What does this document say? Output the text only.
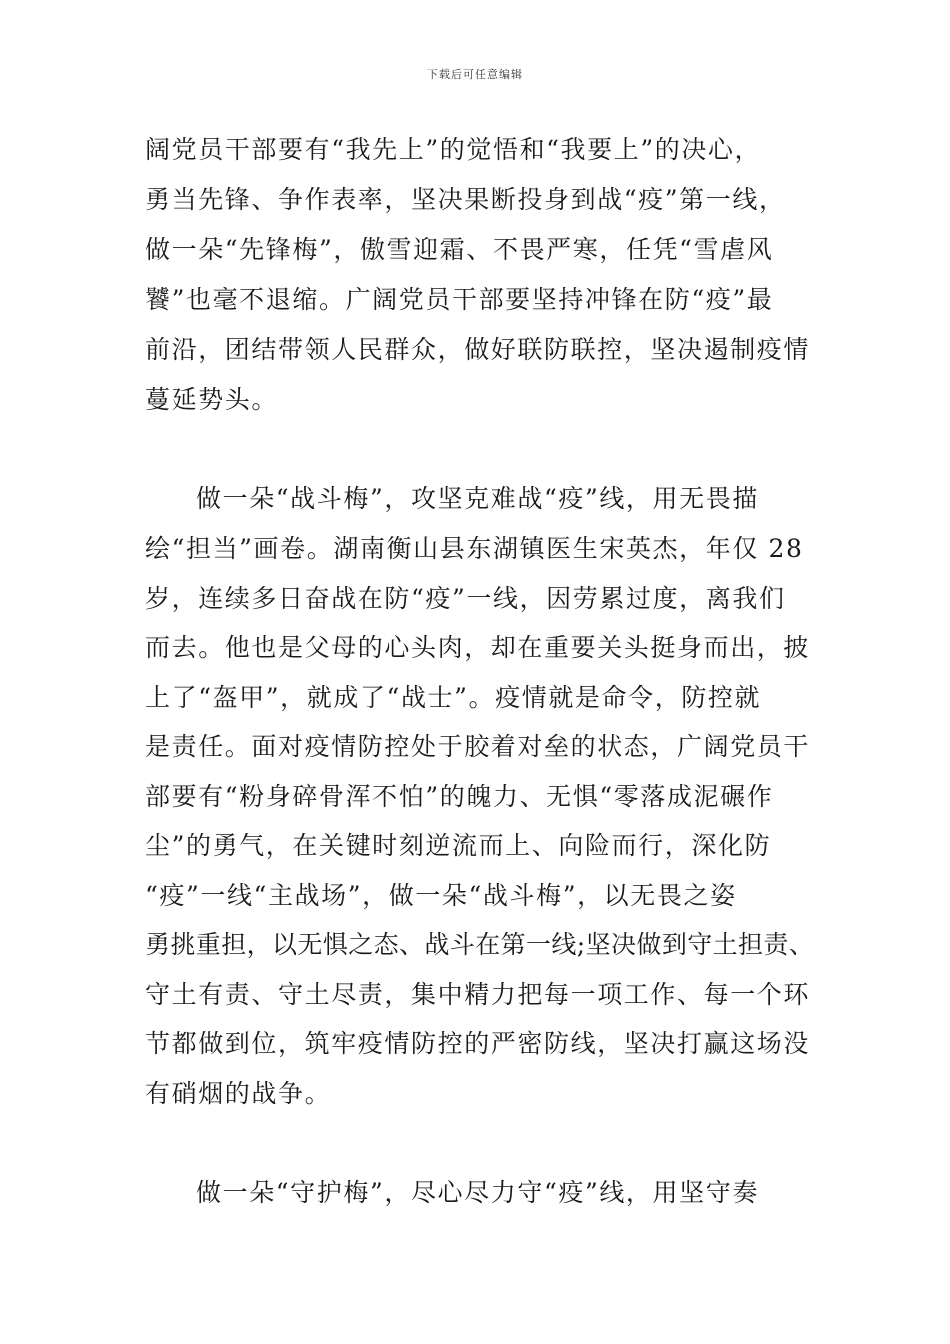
下载后可任意编辑
阔党员干部要有“我先上”的觉悟和“我要上”的决心，
勇当先锋、争作表率，坚决果断投身到战“疫”第一线，
做一朵“先锋梅”，傲雪迎霜、不畏严寒，任凭“雪虐风
饕”也毫不退缩。广阔党员干部要坚持冲锋在防“疫”最
前沿，团结带领人民群众，做好联防联控，坚决遏制疫情
蔓延势头。
做一朵“战斗梅”，攻坚克难战“疫”线，用无畏描
绘“担当”画卷。湖南衡山县东湖镇医生宋英杰，年仅 28
岁，连续多日奋战在防“疫”一线，因劳累过度，离我们
而去。他也是父母的心头肉，却在重要关头挺身而出，披
上了“盔甲”，就成了“战士”。疫情就是命令，防控就
是责任。面对疫情防控处于胶着对垒的状态，广阔党员干
部要有“粉身碎骨浑不怕”的魄力、无惧“零落成泥碾作
尘”的勇气，在关键时刻逆流而上、向险而行，深化防
“疫”一线“主战场”，做一朵“战斗梅”，以无畏之姿
勇挑重担，以无惧之态、战斗在第一线;坚决做到守土担责、
守土有责、守土尽责，集中精力把每一项工作、每一个环
节都做到位，筑牢疫情防控的严密防线，坚决打赢这场没
有硝烟的战争。
做一朵“守护梅”，尽心尽力守“疫”线，用坚守奏
